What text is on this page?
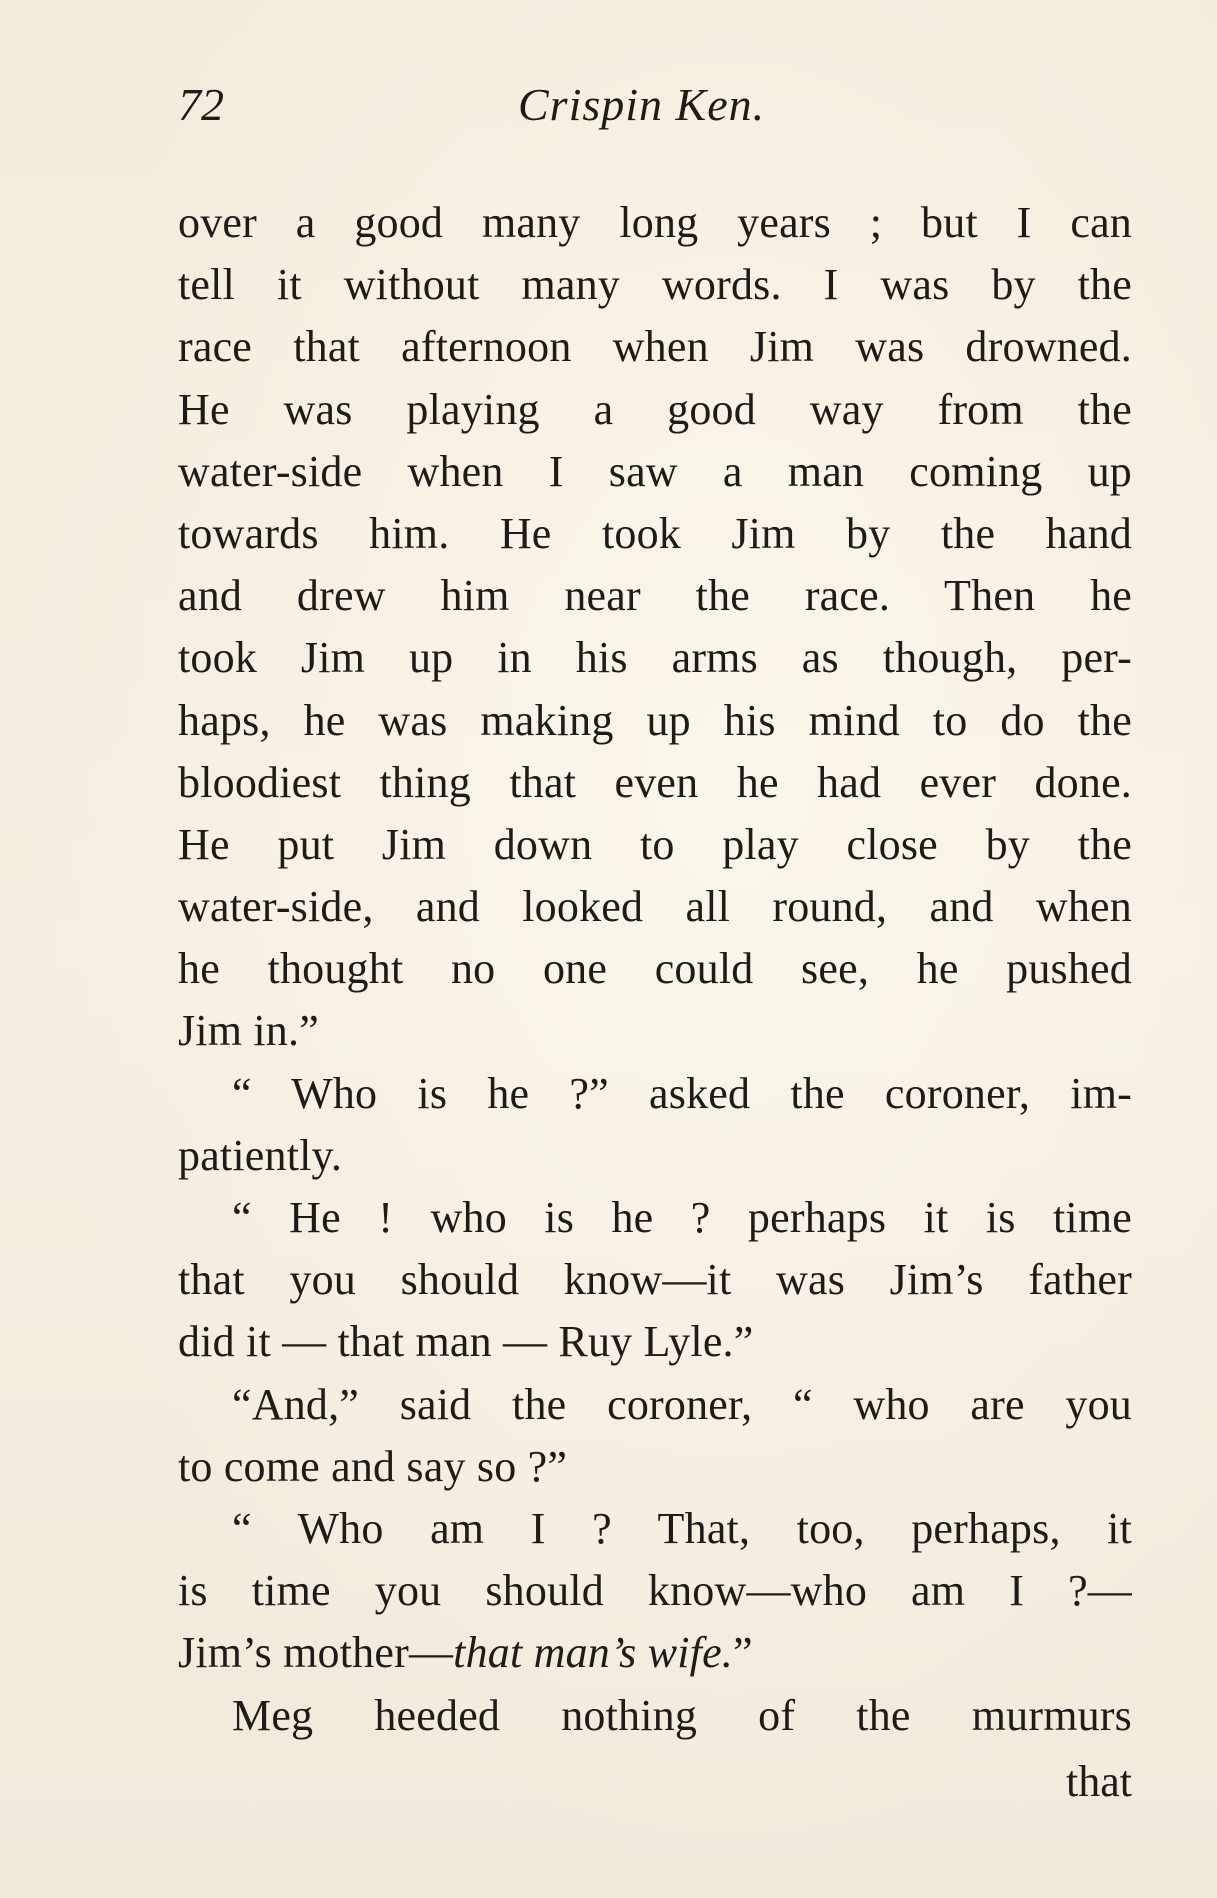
72	Crispin Ken.
over a good many long years ; but I can
tell it without many words. I was by the
race that afternoon when Jim was drowned.
He was playing a good way from the
water-side when I saw a man coming up
towards him. He took Jim by the hand
and drew him near the race. Then he
took Jim up in his arms as though, per-
haps, he was making up his mind to do the
bloodiest thing that even he had ever done.
He put Jim down to play close by the
water-side, and looked all round, and when
he thought no one could see, he pushed
Jim in.”
“ Who is he ?” asked the coroner, im-
patiently.
“ He ! who is he ? perhaps it is time
that you should know—it was Jim’s father
did it — that man — Ruy Lyle.”
“And,” said the coroner, “ who are you
to come and say so ?”
“ Who am I ? That, too, perhaps, it
is time you should know—who am I ?—
Jim’s mother—that man’s wife.”
Meg heeded nothing of the murmurs
that
